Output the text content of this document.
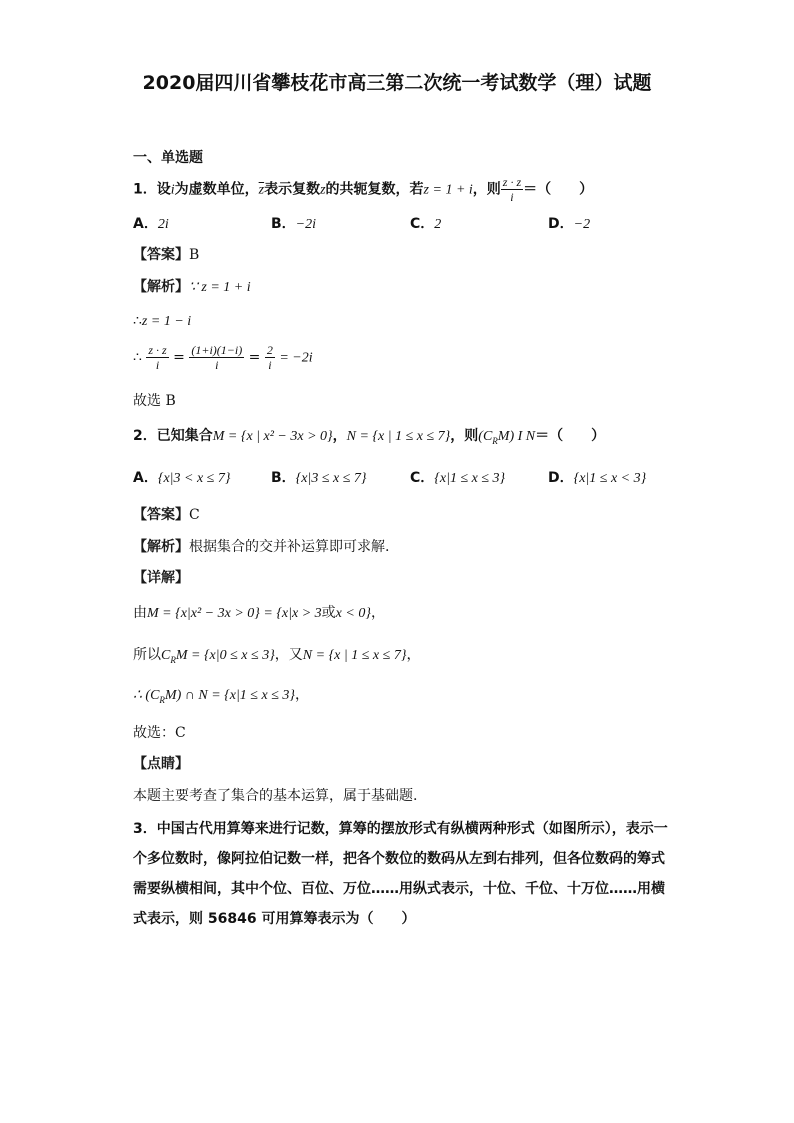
2020届四川省攀枝花市高三第二次统一考试数学（理）试题
一、单选题
1．设i为虚数单位，$\overline{z}$表示复数z的共轭复数，若z = 1 + i，则 $\frac{z \cdot z}{i}$ ＝（　　）
A．2i	B．−2i	C．2	D．−2
【答案】B
【解析】∵ z = 1 + i
∴z = 1 − i
∴ $\frac{z \cdot z}{i} = \frac{(1+i)(1-i)}{i} = \frac{2}{i} = -2i$
故选 B
2．已知集合M = {x | x² − 3x > 0}，N = {x | 1 ≤ x ≤ 7}，则$(C_RM)$ I N＝（　　）
A．{x|3 < x ≤ 7}	B．{x|3 ≤ x ≤ 7}	C．{x|1 ≤ x ≤ 3}	D．{x|1 ≤ x < 3}
【答案】C
【解析】根据集合的交并补运算即可求解.
【详解】
由M = {x|x² − 3x > 0} = {x|x > 3或x < 0}，
所以$C_RM = \{x|0 \le x \le 3\}$，又N = {x | 1 ≤ x ≤ 7}，
∴ $(C_RM)$ ∩ N = {x|1 ≤ x ≤ 3}，
故选：C
【点睛】
本题主要考查了集合的基本运算，属于基础题.
3．中国古代用算筹来进行记数，算筹的摆放形式有纵横两种形式（如图所示），表示一
个多位数时，像阿拉伯记数一样，把各个数位的数码从左到右排列，但各位数码的筹式
需要纵横相间，其中个位、百位、万位……用纵式表示，十位、千位、十万位……用横
式表示，则 56846 可用算筹表示为（　　）
